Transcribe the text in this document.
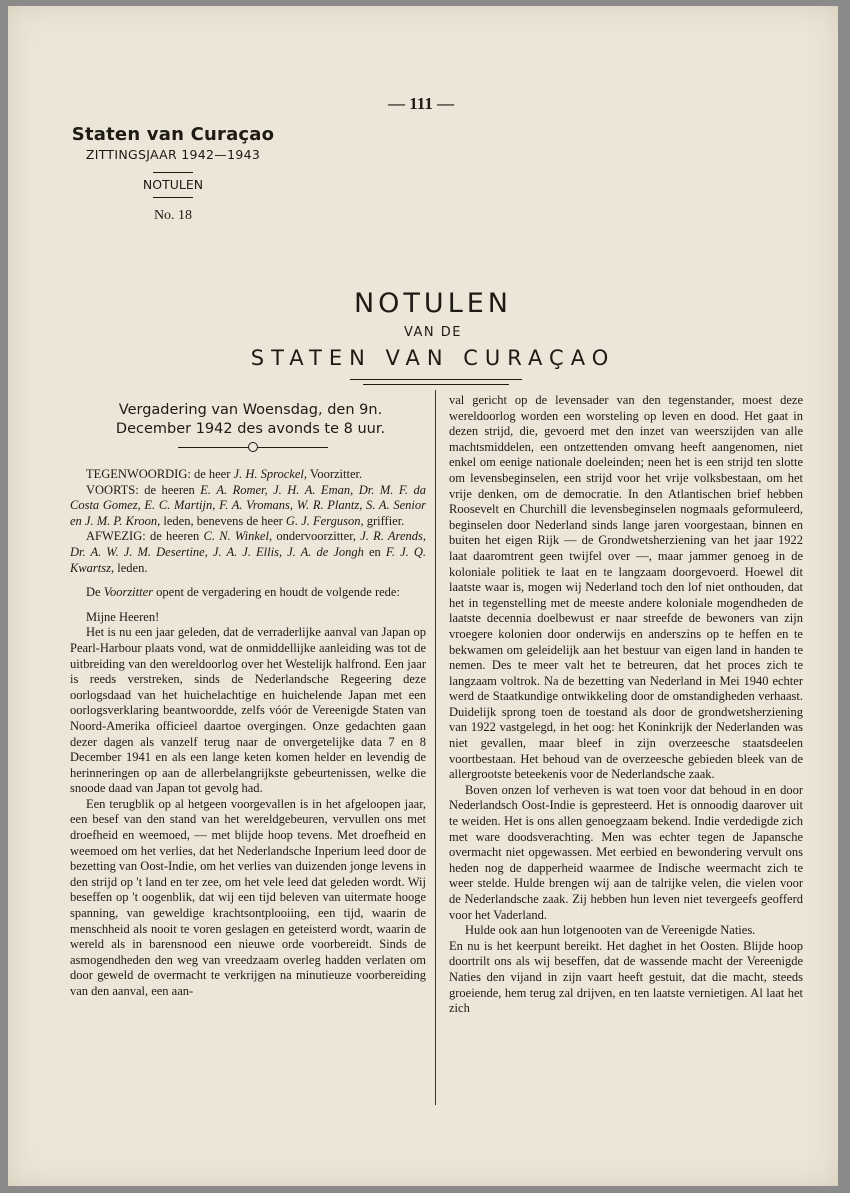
— 111 —
Staten van Curaçao
ZITTINGSJAAR 1942—1943
NOTULEN
No. 18
NOTULEN
VAN DE
STATEN VAN CURAÇAO
Vergadering van Woensdag, den 9n.
December 1942 des avonds te 8 uur.

TEGENWOORDIG: de heer J. H. Sprockel, Voorzitter.

VOORTS: de heeren E. A. Romer, J. H. A. Eman, Dr. M. F. da Costa Gomez, E. C. Martijn, F. A. Vromans, W. R. Plantz, S. A. Senior en J. M. P. Kroon, leden, benevens de heer G. J. Ferguson, griffier.

AFWEZIG: de heeren C. N. Winkel, ondervoorzitter, J. R. Arends, Dr. A. W. J. M. Desertine, J. A. J. Ellis, J. A. de Jongh en F. J. Q. Kwartsz, leden.

De Voorzitter opent de vergadering en houdt de volgende rede:

Mijne Heeren!

Het is nu een jaar geleden, dat de verraderlijke aanval van Japan op Pearl-Harbour plaats vond, wat de onmiddellijke aanleiding was tot de uitbreiding van den wereldoorlog over het Westelijk halfrond. Een jaar is reeds verstreken, sinds de Nederlandsche Regeering deze oorlogsdaad van het huichelachtige en huichelende Japan met een oorlogsverklaring beantwoordde, zelfs vóór de Vereenigde Staten van Noord-Amerika officieel daartoe overgingen. Onze gedachten gaan dezer dagen als vanzelf terug naar de onvergetelijke data 7 en 8 December 1941 en als een lange keten komen helder en levendig de herinneringen op aan de allerbelangrijkste gebeurtenissen, welke die snoode daad van Japan tot gevolg had.

Een terugblik op al hetgeen voorgevallen is in het afgeloopen jaar, een besef van den stand van het wereldgebeuren, vervullen ons met droefheid en weemoed, — met blijde hoop tevens. Met droefheid en weemoed om het verlies, dat het Nederlandsche Inperium leed door de bezetting van Oost-Indie, om het verlies van duizenden jonge levens in den strijd op 't land en ter zee, om het vele leed dat geleden wordt. Wij beseffen op 't oogenblik, dat wij een tijd beleven van uitermate hooge spanning, van geweldige krachtsontplooiing, een tijd, waarin de menschheid als nooit te voren geslagen en geteisterd wordt, waarin de wereld als in barensnood een nieuwe orde voorbereidt. Sinds de asmogendheden den weg van vreedzaam overleg hadden verlaten om door geweld de overmacht te verkrijgen na minutieuze voorbereiding van den aanval, een aan-

val gericht op de levensader van den tegenstander, moest deze wereldoorlog worden een worsteling op leven en dood. Het gaat in dezen strijd, die, gevoerd met den inzet van weerszijden van alle machtsmiddelen, een ontzettenden omvang heeft aangenomen, niet enkel om eenige nationale doeleinden; neen het is een strijd ten slotte om levensbeginselen, een strijd voor het vrije volksbestaan, om het vrije denken, om de democratie. In den Atlantischen brief hebben Roosevelt en Churchill die levensbeginselen nogmaals geformuleerd, beginselen door Nederland sinds lange jaren voorgestaan, binnen en buiten het eigen Rijk — de Grondwetsherziening van het jaar 1922 laat daaromtrent geen twijfel over —, maar jammer genoeg in de koloniale politiek te laat en te langzaam doorgevoerd. Hoewel dit laatste waar is, mogen wij Nederland toch den lof niet onthouden, dat het in tegenstelling met de meeste andere koloniale mogendheden de laatste decennia doelbewust er naar streefde de bewoners van zijn vroegere kolonien door onderwijs en anderszins op te heffen en te bekwamen om geleidelijk aan het bestuur van eigen land in handen te nemen. Des te meer valt het te betreuren, dat het proces zich te langzaam voltrok. Na de bezetting van Nederland in Mei 1940 echter werd de Staatkundige ontwikkeling door de omstandigheden verhaast. Duidelijk sprong toen de toestand als door de grondwetsherziening van 1922 vastgelegd, in het oog: het Koninkrijk der Nederlanden was niet gevallen, maar bleef in zijn overzeesche staatsdeelen voortbestaan. Het behoud van de overzeesche gebieden bleek van de allergrootste beteekenis voor de Nederlandsche zaak.

Boven onzen lof verheven is wat toen voor dat behoud in en door Nederlandsch Oost-Indie is gepresteerd. Het is onnoodig daarover uit te weiden. Het is ons allen genoegzaam bekend. Indie verdedigde zich met ware doodsverachting. Men was echter tegen de Japansche overmacht niet opgewassen. Met eerbied en bewondering vervult ons heden nog de dapperheid waarmee de Indische weermacht zich te weer stelde. Hulde brengen wij aan de talrijke velen, die vielen voor de Nederlandsche zaak. Zij hebben hun leven niet tevergeefs geofferd voor het Vaderland.

Hulde ook aan hun lotgenooten van de Vereenigde Naties.

En nu is het keerpunt bereikt. Het daghet in het Oosten. Blijde hoop doortrilt ons als wij beseffen, dat de wassende macht der Vereenigde Naties den vijand in zijn vaart heeft gestuit, dat die macht, steeds groeiende, hem terug zal drijven, en ten laatste vernietigen. Al laat het zich
